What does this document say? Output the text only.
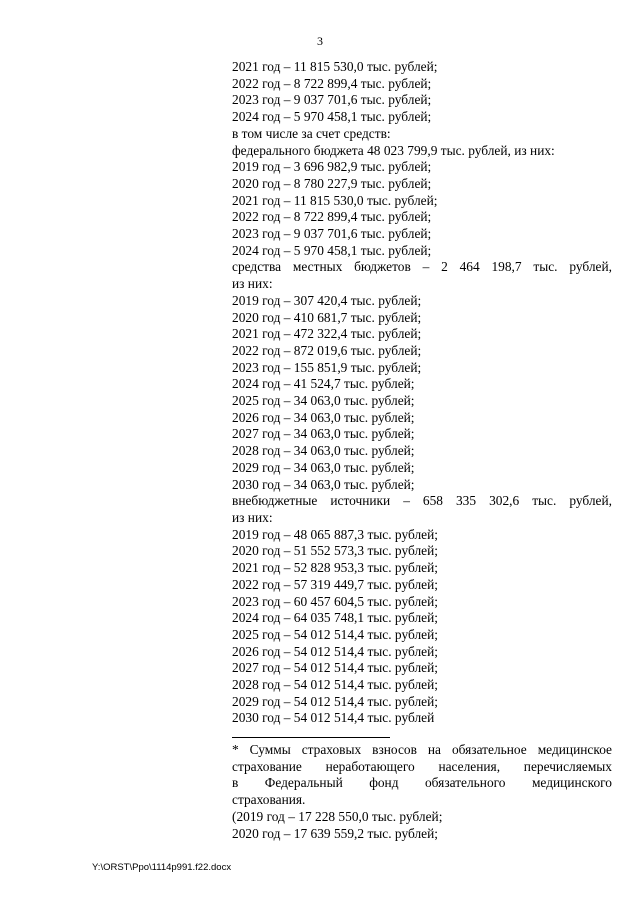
3
2021 год – 11 815 530,0 тыс. рублей;
2022 год – 8 722 899,4 тыс. рублей;
2023 год – 9 037 701,6 тыс. рублей;
2024 год – 5 970 458,1 тыс. рублей;
в том числе за счет средств:
федерального бюджета 48 023 799,9 тыс. рублей, из них:
2019 год – 3 696 982,9 тыс. рублей;
2020 год – 8 780 227,9 тыс. рублей;
2021 год – 11 815 530,0 тыс. рублей;
2022 год – 8 722 899,4 тыс. рублей;
2023 год – 9 037 701,6 тыс. рублей;
2024 год – 5 970 458,1 тыс. рублей;
средства местных бюджетов – 2 464 198,7 тыс. рублей,
из них:
2019 год – 307 420,4 тыс. рублей;
2020 год – 410 681,7 тыс. рублей;
2021 год – 472 322,4 тыс. рублей;
2022 год – 872 019,6 тыс. рублей;
2023 год – 155 851,9 тыс. рублей;
2024 год – 41 524,7 тыс. рублей;
2025 год – 34 063,0 тыс. рублей;
2026 год – 34 063,0 тыс. рублей;
2027 год – 34 063,0 тыс. рублей;
2028 год – 34 063,0 тыс. рублей;
2029 год – 34 063,0 тыс. рублей;
2030 год – 34 063,0 тыс. рублей;
внебюджетные источники – 658 335 302,6 тыс. рублей,
из них:
2019 год – 48 065 887,3 тыс. рублей;
2020 год – 51 552 573,3 тыс. рублей;
2021 год – 52 828 953,3 тыс. рублей;
2022 год – 57 319 449,7 тыс. рублей;
2023 год – 60 457 604,5 тыс. рублей;
2024 год – 64 035 748,1 тыс. рублей;
2025 год – 54 012 514,4 тыс. рублей;
2026 год – 54 012 514,4 тыс. рублей;
2027 год – 54 012 514,4 тыс. рублей;
2028 год – 54 012 514,4 тыс. рублей;
2029 год – 54 012 514,4 тыс. рублей;
2030 год – 54 012 514,4 тыс. рублей
* Суммы страховых взносов на обязательное медицинское
страхование неработающего населения, перечисляемых
в Федеральный фонд обязательного медицинского
страхования.
(2019 год – 17 228 550,0 тыс. рублей;
2020 год – 17 639 559,2 тыс. рублей;
Y:\ORST\Ppo\1114p991.f22.docx
